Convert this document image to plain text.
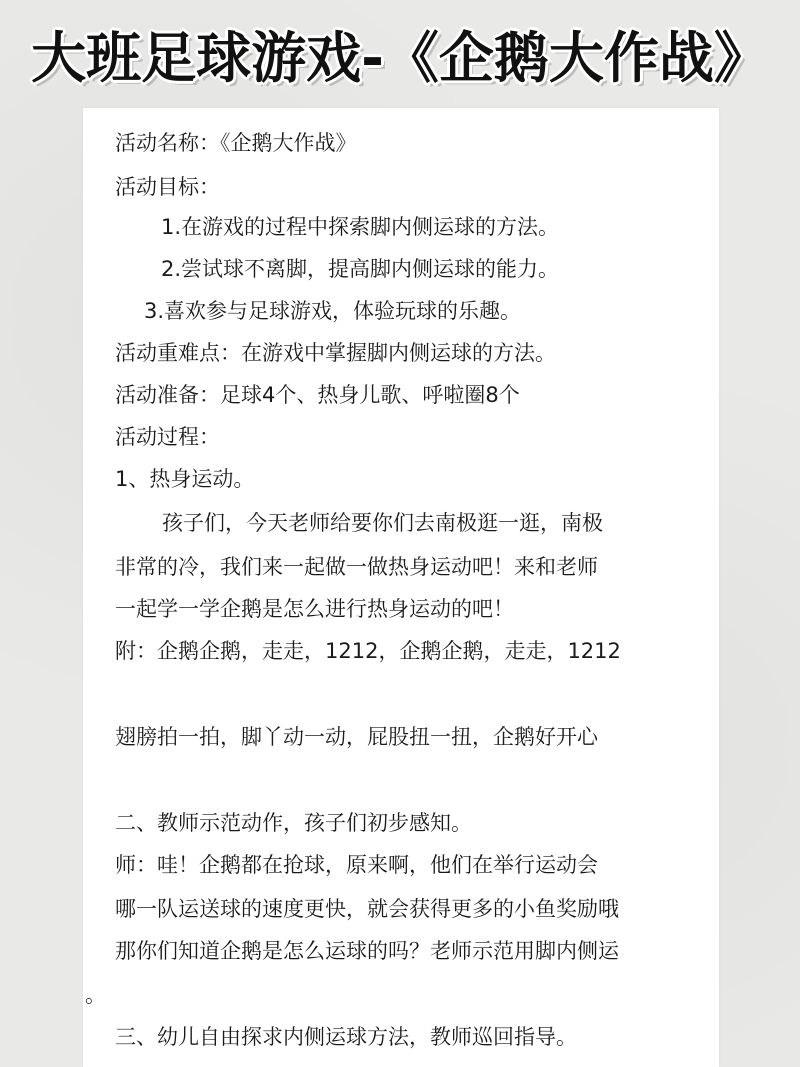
大班足球游戏-《企鹅大作战》
活动名称：《企鹅大作战》
活动目标：
1.在游戏的过程中探索脚内侧运球的方法。
2.尝试球不离脚，提高脚内侧运球的能力。
3.喜欢参与足球游戏，体验玩球的乐趣。
活动重难点：在游戏中掌握脚内侧运球的方法。
活动准备：足球4个、热身儿歌、呼啦圈8个
活动过程：
1、热身运动。
孩子们，今天老师给要你们去南极逛一逛，南极
非常的冷，我们来一起做一做热身运动吧！来和老师
一起学一学企鹅是怎么进行热身运动的吧！
附：企鹅企鹅，走走，1212，企鹅企鹅，走走，1212
翅膀拍一拍，脚丫动一动，屁股扭一扭，企鹅好开心
二、教师示范动作，孩子们初步感知。
师：哇！企鹅都在抢球，原来啊，他们在举行运动会
哪一队运送球的速度更快，就会获得更多的小鱼奖励哦
那你们知道企鹅是怎么运球的吗？老师示范用脚内侧运
。
三、幼儿自由探求内侧运球方法，教师巡回指导。
